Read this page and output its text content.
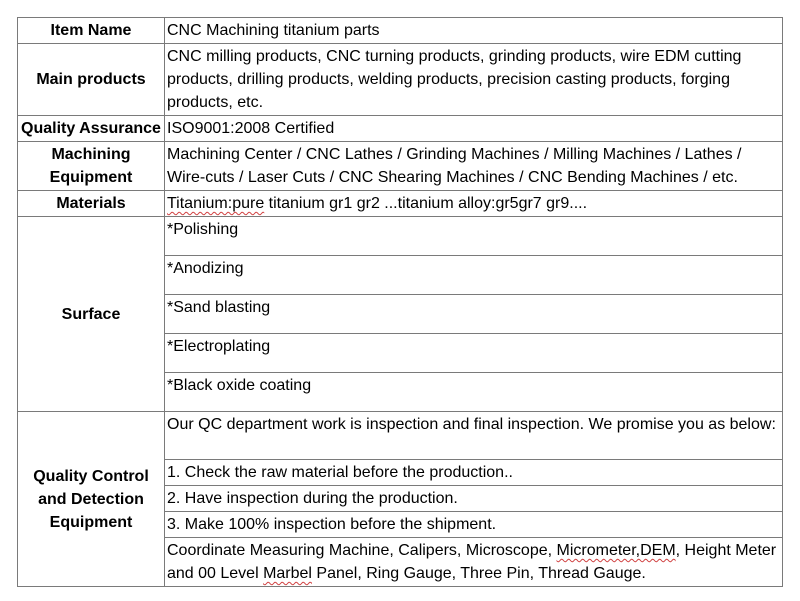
Item Name	CNC Machining titanium parts
Main products	CNC milling products, CNC turning products, grinding products, wire EDM cutting products, drilling products, welding products, precision casting products, forging products, etc.
Quality Assurance	ISO9001:2008 Certified
Machining Equipment	Machining Center / CNC Lathes / Grinding Machines / Milling Machines / Lathes / Wire-cuts / Laser Cuts / CNC Shearing Machines / CNC Bending Machines / etc.
Materials	Titanium:pure titanium gr1 gr2 ...titanium alloy:gr5gr7 gr9....
Surface	*Polishing
	*Anodizing
	*Sand blasting
	*Electroplating
	*Black oxide coating
Quality Control and Detection Equipment	Our QC department work is inspection and final inspection. We promise you as below:
	1. Check the raw material before the production..
	2. Have inspection during the production.
	3. Make 100% inspection before the shipment.
	Coordinate Measuring Machine, Calipers, Microscope, Micrometer,DEM, Height Meter and 00 Level Marbel Panel, Ring Gauge, Three Pin, Thread Gauge.
